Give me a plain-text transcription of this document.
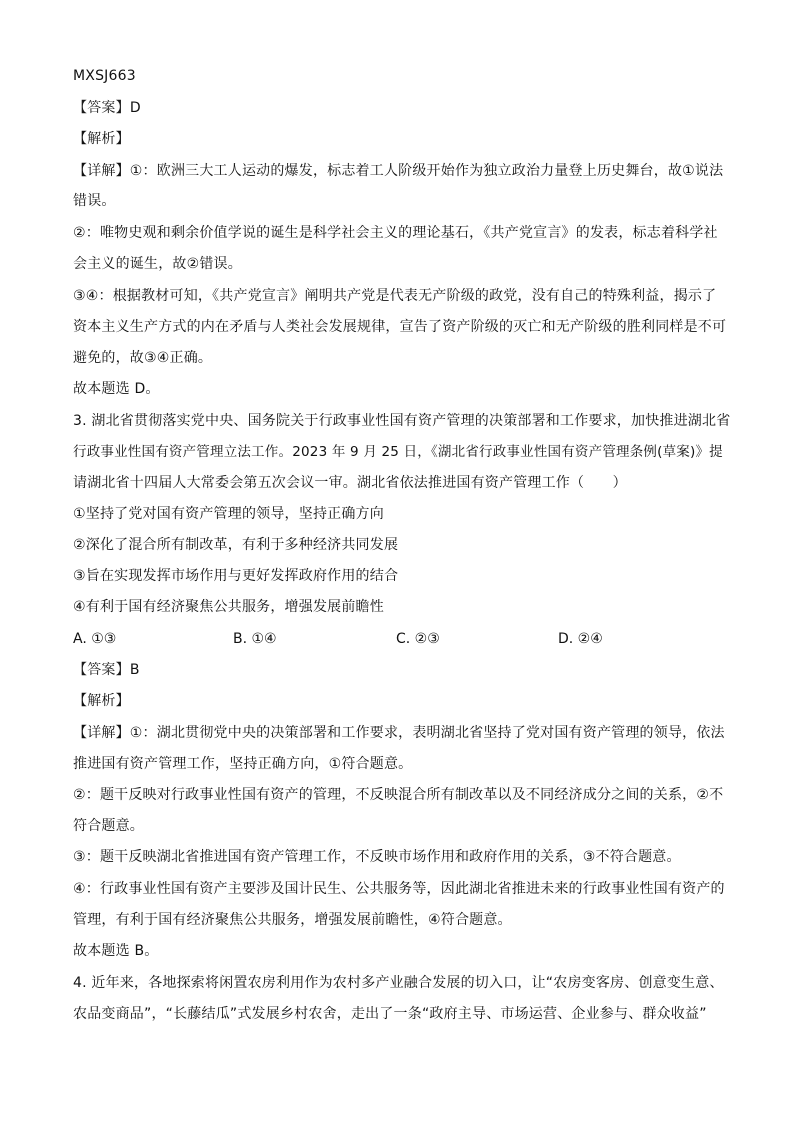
MXSJ663
【答案】D
【解析】
【详解】①：欧洲三大工人运动的爆发，标志着工人阶级开始作为独立政治力量登上历史舞台，故①说法
错误。
②：唯物史观和剩余价值学说的诞生是科学社会主义的理论基石，《共产党宣言》的发表，标志着科学社
会主义的诞生，故②错误。
③④：根据教材可知，《共产党宣言》阐明共产党是代表无产阶级的政党，没有自己的特殊利益，揭示了
资本主义生产方式的内在矛盾与人类社会发展规律，宣告了资产阶级的灭亡和无产阶级的胜利同样是不可
避免的，故③④正确。
故本题选 D。
3. 湖北省贯彻落实党中央、国务院关于行政事业性国有资产管理的决策部署和工作要求，加快推进湖北省
行政事业性国有资产管理立法工作。2023 年 9 月 25 日，《湖北省行政事业性国有资产管理条例(草案)》提
请湖北省十四届人大常委会第五次会议一审。湖北省依法推进国有资产管理工作（　　）
①坚持了党对国有资产管理的领导，坚持正确方向
②深化了混合所有制改革，有利于多种经济共同发展
③旨在实现发挥市场作用与更好发挥政府作用的结合
④有利于国有经济聚焦公共服务，增强发展前瞻性
A. ①③	B. ①④	C. ②③	D. ②④
【答案】B
【解析】
【详解】①：湖北贯彻党中央的决策部署和工作要求，表明湖北省坚持了党对国有资产管理的领导，依法
推进国有资产管理工作，坚持正确方向，①符合题意。
②：题干反映对行政事业性国有资产的管理，不反映混合所有制改革以及不同经济成分之间的关系，②不
符合题意。
③：题干反映湖北省推进国有资产管理工作，不反映市场作用和政府作用的关系，③不符合题意。
④：行政事业性国有资产主要涉及国计民生、公共服务等，因此湖北省推进未来的行政事业性国有资产的
管理，有利于国有经济聚焦公共服务，增强发展前瞻性，④符合题意。
故本题选 B。
4. 近年来，各地探索将闲置农房利用作为农村多产业融合发展的切入口，让“农房变客房、创意变生意、
农品变商品”，“长藤结瓜”式发展乡村农舍，走出了一条“政府主导、市场运营、企业参与、群众收益”
